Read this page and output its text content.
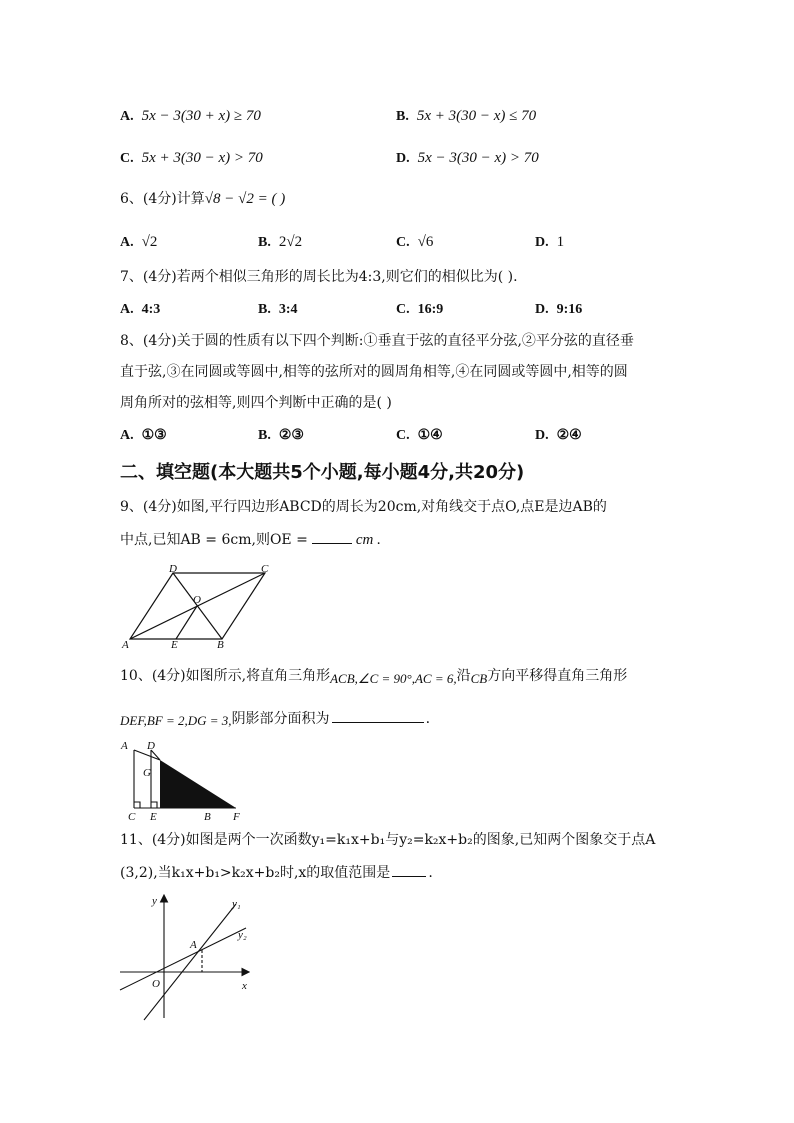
A. 5x − 3(30 + x) ≥ 70	B. 5x + 3(30 − x) ≤ 70
C. 5x + 3(30 − x) > 70	D. 5x − 3(30 − x) > 70
6、(4分)计算√8 − √2 = ( )
A. √2	B. 2√2	C. √6	D. 1
7、(4分)若两个相似三角形的周长比为4:3,则它们的相似比为( ).
A. 4:3	B. 3:4	C. 16:9	D. 9:16
8、(4分)关于圆的性质有以下四个判断:①垂直于弦的直径平分弦,②平分弦的直径垂
直于弦,③在同圆或等圆中,相等的弦所对的圆周角相等,④在同圆或等圆中,相等的圆
周角所对的弦相等,则四个判断中正确的是( )
A. ①③	B. ②③	C. ①④	D. ②④
二、填空题(本大题共5个小题,每小题4分,共20分)
9、(4分)如图,平行四边形ABCD的周长为20cm,对角线交于点O,点E是边AB的
中点,已知AB = 6cm,则OE =	cm .
A	B
C
D
E
O
10、(4分)如图所示,将直角三角形ACB,∠C = 90°,AC = 6,沿CB方向平移得直角三角形
DEF,BF = 2,DG = 3,阴影部分面积为	.
A D
G
C E	B F
11、(4分)如图是两个一次函数y₁=k₁x+b₁与y₂=k₂x+b₂的图象,已知两个图象交于点A
(3,2),当k₁x+b₁>k₂x+b₂时,x的取值范围是	.
y	y₁
y₂
A
O	x
